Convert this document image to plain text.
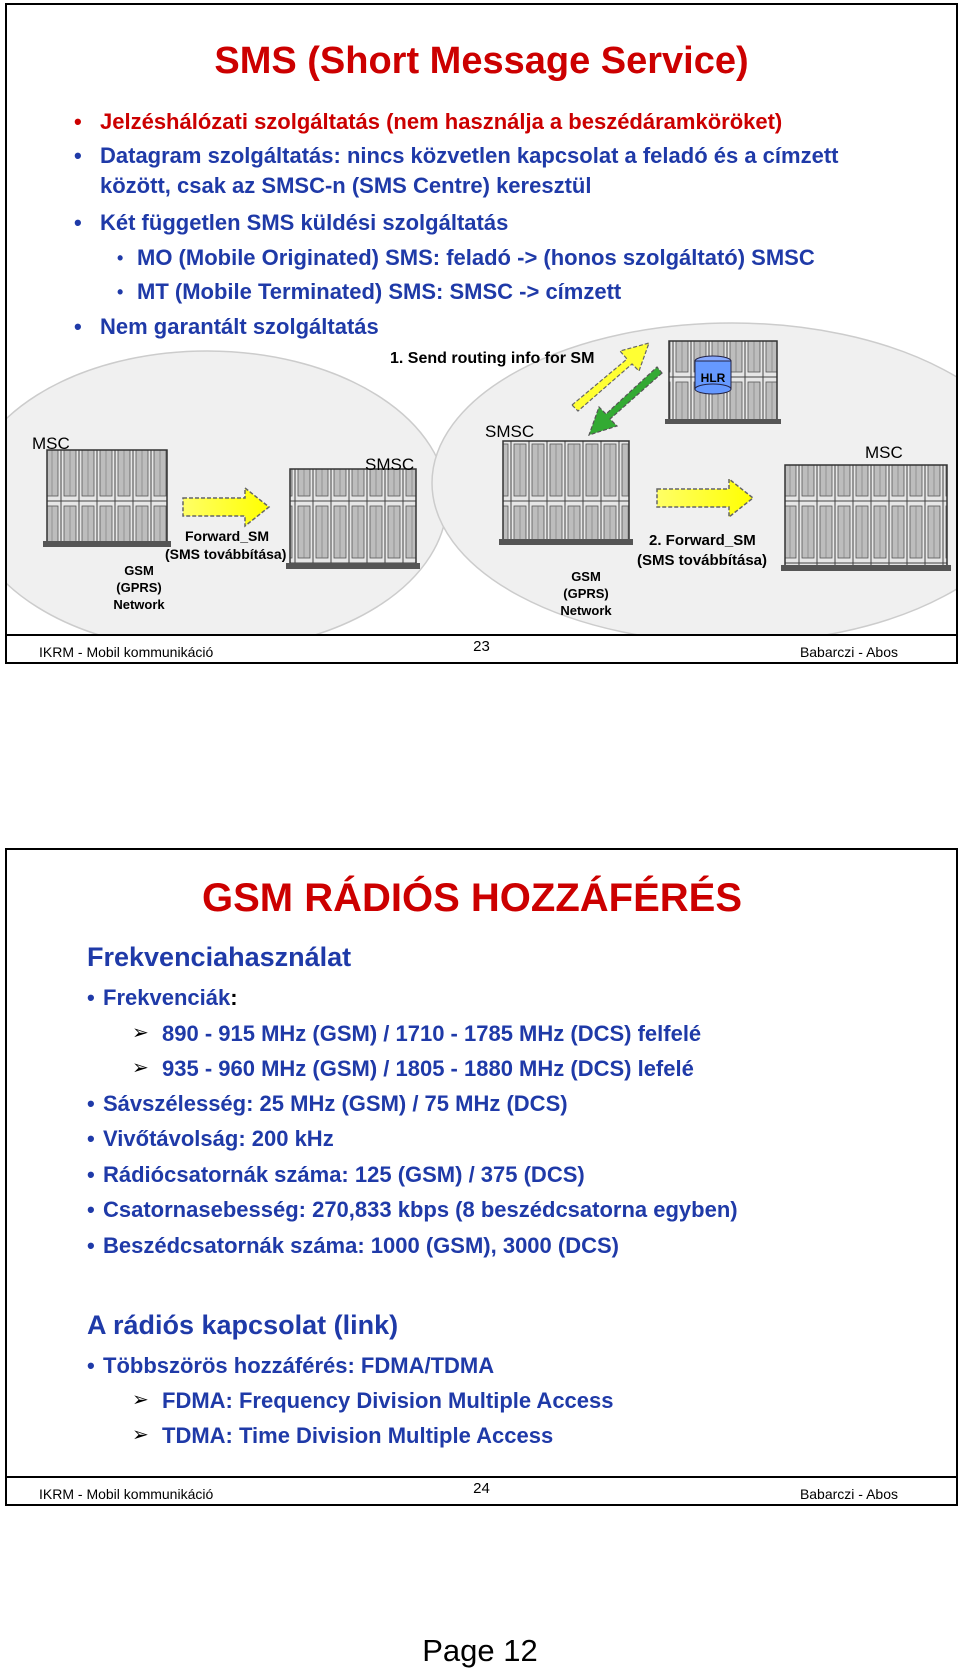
SMS (Short Message Service)
• Jelzéshálózati szolgáltatás (nem használja a beszédáramköröket)
• Datagram szolgáltatás: nincs közvetlen kapcsolat a feladó és a címzett
között, csak az SMSC-n (SMS Centre) keresztül
• Két független SMS küldési szolgáltatás
• MO (Mobile Originated) SMS: feladó -> (honos szolgáltató) SMSC
• MT (Mobile Terminated) SMS: SMSC -> címzett
• Nem garantált szolgáltatás
HLR
1. Send routing info for SM
MSC
SMSC
SMSC
MSC
Forward_SM
(SMS továbbítása)
2. Forward_SM
(SMS továbbítása)
GSM
(GPRS)
Network
GSM
(GPRS)
Network
IKRM - Mobil kommunikáció	23	Babarczi - Abos
GSM RÁDIÓS HOZZÁFÉRÉS
Frekvenciahasználat
• Frekvenciák:
➢ 890 - 915 MHz (GSM) / 1710 - 1785 MHz (DCS) felfelé
➢ 935 - 960 MHz (GSM) / 1805 - 1880 MHz (DCS) lefelé
• Sávszélesség: 25 MHz (GSM) / 75 MHz (DCS)
• Vivőtávolság: 200 kHz
• Rádiócsatornák száma: 125 (GSM) / 375 (DCS)
• Csatornasebesség: 270,833 kbps (8 beszédcsatorna egyben)
• Beszédcsatornák száma: 1000 (GSM), 3000 (DCS)
A rádiós kapcsolat (link)
• Többszörös hozzáférés: FDMA/TDMA
➢ FDMA: Frequency Division Multiple Access
➢ TDMA: Time Division Multiple Access
IKRM - Mobil kommunikáció	24	Babarczi - Abos
Page 12
